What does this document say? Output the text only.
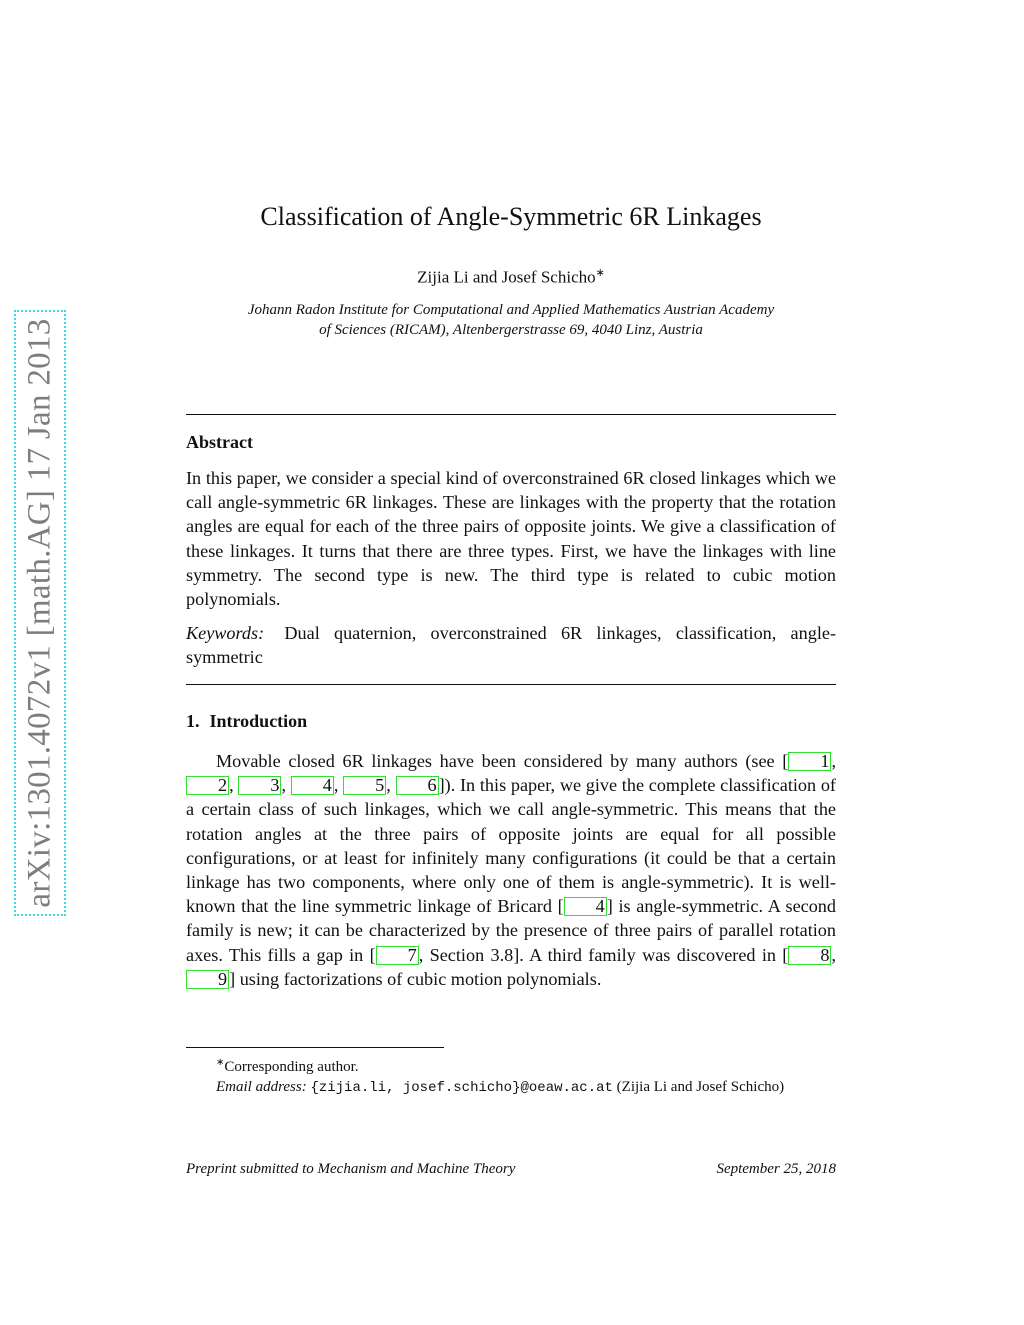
arXiv:1301.4072v1 [math.AG] 17 Jan 2013
Classification of Angle-Symmetric 6R Linkages
Zijia Li and Josef Schicho∗
Johann Radon Institute for Computational and Applied Mathematics Austrian Academy
of Sciences (RICAM), Altenbergerstrasse 69, 4040 Linz, Austria
Abstract
In this paper, we consider a special kind of overconstrained 6R closed linkages which we call angle-symmetric 6R linkages. These are linkages with the property that the rotation angles are equal for each of the three pairs of opposite joints. We give a classification of these linkages. It turns that there are three types. First, we have the linkages with line symmetry. The second type is new. The third type is related to cubic motion polynomials.
Keywords: Dual quaternion, overconstrained 6R linkages, classification, angle-symmetric
1. Introduction
Movable closed 6R linkages have been considered by many authors (see [ 1 , 2 , 3 , 4 , 5 , 6 ]). In this paper, we give the complete classification of a certain class of such linkages, which we call angle-symmetric. This means that the rotation angles at the three pairs of opposite joints are equal for all possible configurations, or at least for infinitely many configurations (it could be that a certain linkage has two components, where only one of them is angle-symmetric). It is well-known that the line symmetric linkage of Bricard [ 4 ] is angle-symmetric. A second family is new; it can be characterized by the presence of three pairs of parallel rotation axes. This fills a gap in [ 7 , Section 3.8]. A third family was discovered in [ 8 , 9 ] using factorizations of cubic motion polynomials.
∗Corresponding author.
Email address: {zijia.li, josef.schicho}@oeaw.ac.at (Zijia Li and Josef Schicho)
Preprint submitted to Mechanism and Machine Theory	September 25, 2018
